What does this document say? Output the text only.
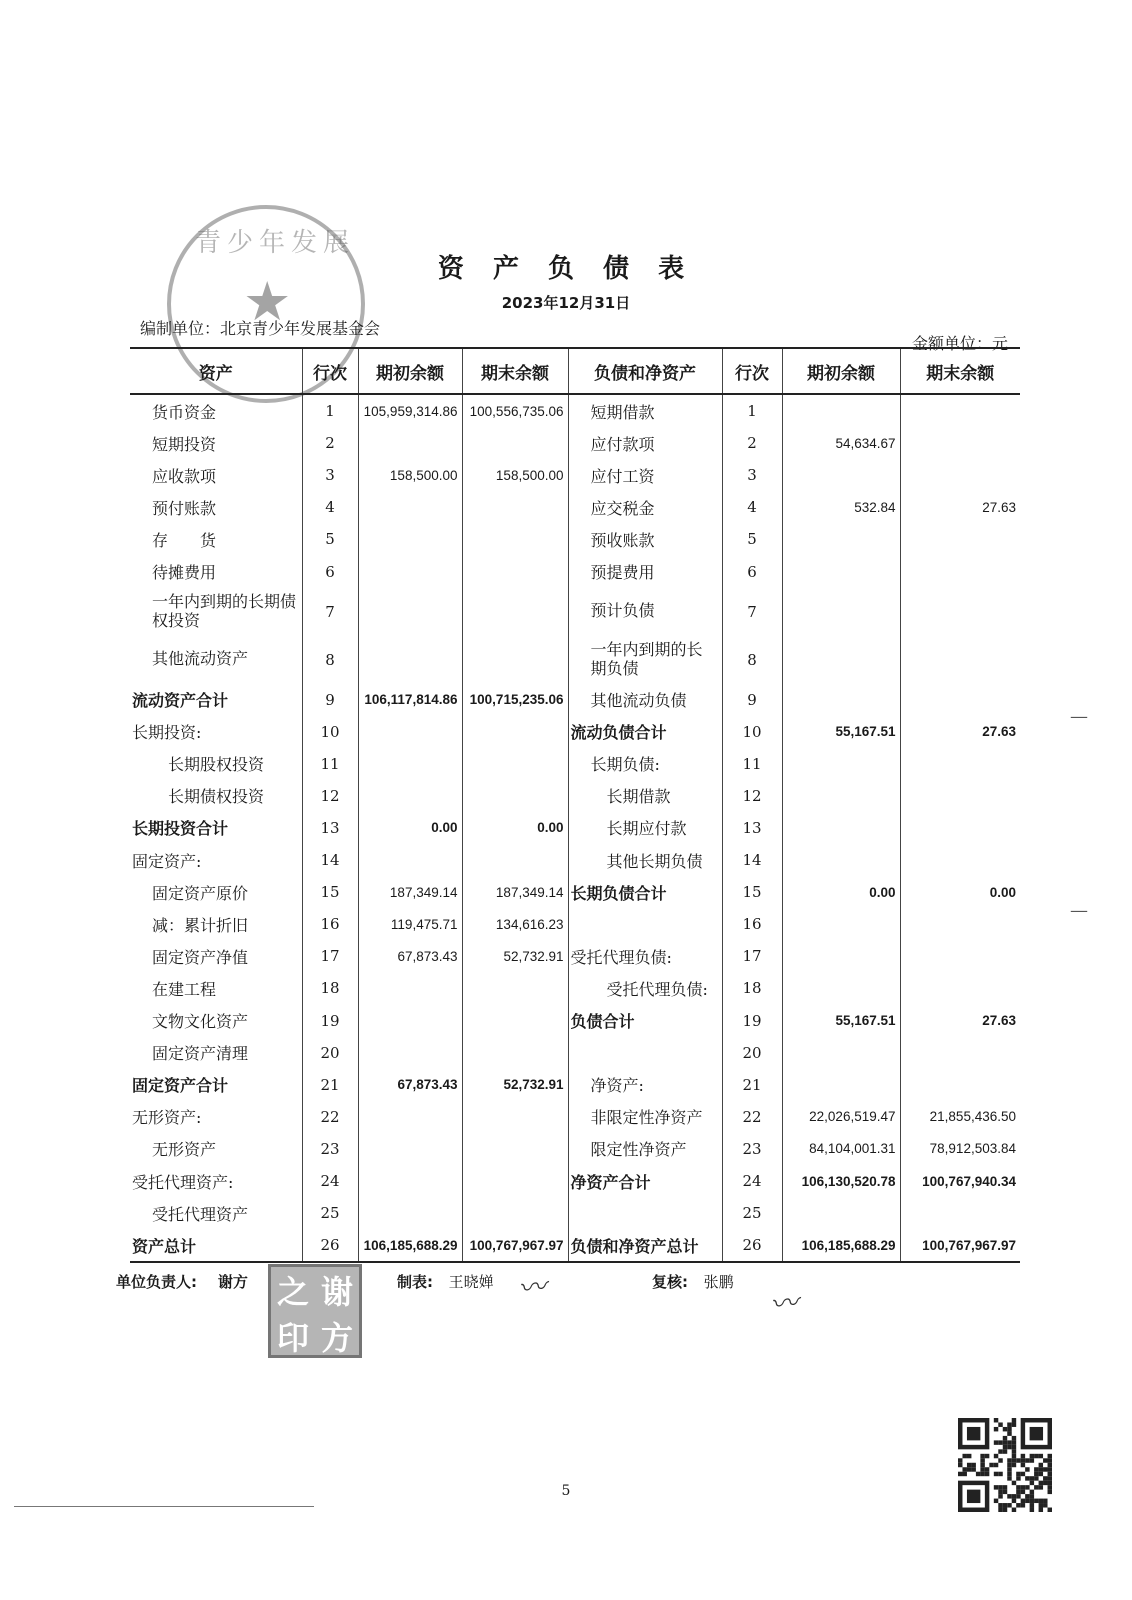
青少年发展
★
资 产 负 债 表
2023年12月31日
编制单位：北京青少年发展基金会
金额单位：元
资产	行次	期初余额	期末余额	负债和净资产	行次	期初余额	期末余额
货币资金	1	105,959,314.86	100,556,735.06	短期借款	1		
短期投资	2			应付款项	2	54,634.67	
应收款项	3	158,500.00	158,500.00	应付工资	3		
预付账款	4			应交税金	4	532.84	27.63
存　　货	5			预收账款	5		
待摊费用	6			预提费用	6		
一年内到期的长期债权投资	7			预计负债	7		
其他流动资产	8			一年内到期的长期负债	8		
流动资产合计	9	106,117,814.86	100,715,235.06	其他流动负债	9		
长期投资:	10			流动负债合计	10	55,167.51	27.63
长期股权投资	11			长期负债:	11		
长期债权投资	12			长期借款	12		
长期投资合计	13	0.00	0.00	长期应付款	13		
固定资产:	14			其他长期负债	14		
固定资产原价	15	187,349.14	187,349.14	长期负债合计	15	0.00	0.00
减：累计折旧	16	119,475.71	134,616.23		16		
固定资产净值	17	67,873.43	52,732.91	受托代理负债:	17		
在建工程	18			受托代理负债:	18		
文物文化资产	19			负债合计	19	55,167.51	27.63
固定资产清理	20				20		
固定资产合计	21	67,873.43	52,732.91	净资产:	21		
无形资产:	22			非限定性净资产	22	22,026,519.47	21,855,436.50
无形资产	23			限定性净资产	23	84,104,001.31	78,912,503.84
受托代理资产:	24			净资产合计	24	106,130,520.78	100,767,940.34
受托代理资产	25				25		
资产总计	26	106,185,688.29	100,767,967.97	负债和净资产总计	26	106,185,688.29	100,767,967.97
单位负责人: 谢方 之 谢
印 方
制表: 王晓婵 〰	复核: 张鹏
〰
—
—
5
